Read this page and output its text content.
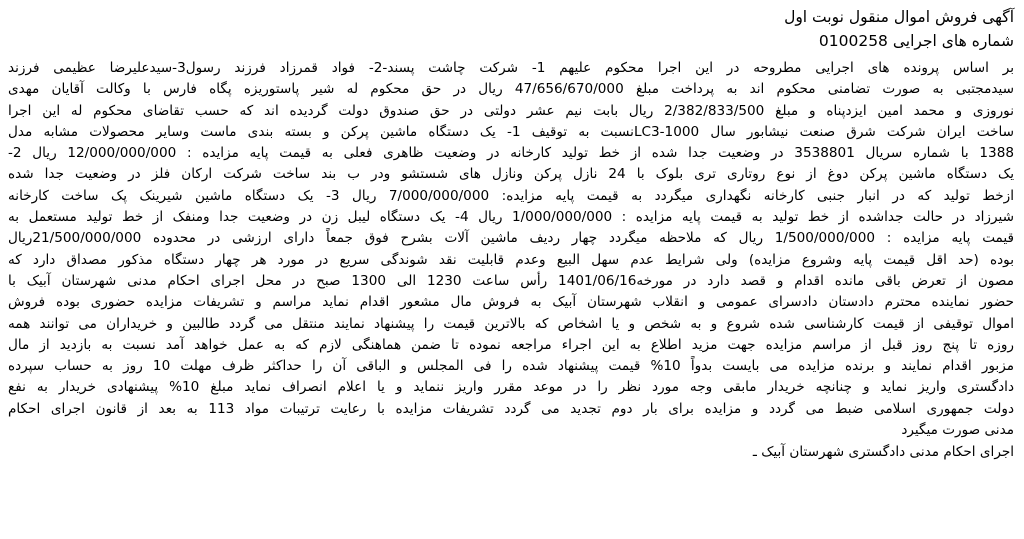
آگهی فروش اموال منقول نوبت اول
شماره های اجرایی 0100258
بر اساس پرونده های اجرایی مطروحه در این اجرا محکوم علیهم 1- شرکت چاشت پسند-2- فواد قمرزاد فرزند رسول3-سیدعلیرضا عظیمی فرزند
سیدمجتبی به صورت تضامنی محکوم اند به پرداخت مبلغ 47/656/670/000 ریال در حق محکوم له شیر پاستوریزه پگاه فارس با وکالت آقایان مهدی
نوروزی و محمد امین ایزدپناه و مبلغ 2/382/833/500 ریال بابت نیم عشر دولتی در حق صندوق دولت گردیده اند که حسب تقاضای محکوم له این اجرا
ساخت ایران شرکت شرق صنعت نیشابور سال LC3-1000نسبت به توقیف 1- یک دستگاه ماشین پرکن و بسته بندی ماست وسایر محصولات مشابه مدل
1388 با شماره سریال 3538801 در وضعیت جدا شده از خط تولید کارخانه در وضعیت ظاهری فعلی به قیمت پایه مزایده : 12/000/000/000 ریال 2-
یک دستگاه ماشین پرکن دوغ از نوع روتاری تری بلوک با 24 نازل پرکن ونازل های شستشو ودر ب بند ساخت شرکت ارکان فلز در وضعیت جدا شده
ازخط تولید که در انبار جنبی کارخانه نگهداری میگردد به قیمت پایه مزایده: 7/000/000/000 ریال 3- یک دستگاه ماشین شیرینک پک ساخت کارخانه
شیرزاد در حالت جداشده از خط تولید به قیمت پایه مزایده : 1/000/000/000 ریال 4- یک دستگاه لیبل زن در وضعیت جدا ومنفک از خط تولید مستعمل به
قیمت پایه مزایده : 1/500/000/000 ریال که ملاحظه میگردد چهار ردیف ماشین آلات بشرح فوق جمعاً دارای ارزشی در محدوده 21/500/000/000ریال
بوده (حد اقل قیمت پایه وشروع مزایده) ولی شرایط عدم سهل البیع وعدم قابلیت نقد شوندگی سریع در مورد هر چهار دستگاه مذکور مصداق دارد که
مصون از تعرض باقی مانده اقدام و قصد دارد در مورخه1401/06/16 رأس ساعت 1230 الی 1300 صبح در محل اجرای احکام مدنی شهرستان آبیک با
حضور نماینده محترم دادستان دادسرای عمومی و انقلاب شهرستان آبیک به فروش مال مشعور اقدام نماید مراسم و تشریفات مزایده حضوری بوده فروش
اموال توقیفی از قیمت کارشناسی شده شروع و به شخص و یا اشخاص که بالاترین قیمت را پیشنهاد نمایند منتقل می گردد طالبین و خریداران می توانند همه
روزه تا پنج روز قبل از مراسم مزایده جهت مزید اطلاع به این اجراء مراجعه نموده تا ضمن هماهنگی لازم که به عمل خواهد آمد نسبت به بازدید از مال
مزبور اقدام نمایند و برنده مزایده می بایست بدواً 10% قیمت پیشنهاد شده را فی المجلس و الباقی آن را حداکثر ظرف مهلت 10 روز به حساب سپرده
دادگستری واریز نماید و چنانچه خریدار مابقی وجه مورد نظر را در موعد مقرر واریز ننماید و یا اعلام انصراف نماید مبلغ 10% پیشنهادی خریدار به نفع
دولت جمهوری اسلامی ضبط می گردد و مزایده برای بار دوم تجدید می گردد تشریفات مزایده با رعایت ترتیبات مواد 113 به بعد از قانون اجرای احکام
مدنی صورت میگیرد
اجرای احکام مدنی دادگستری شهرستان آبیک ـ
